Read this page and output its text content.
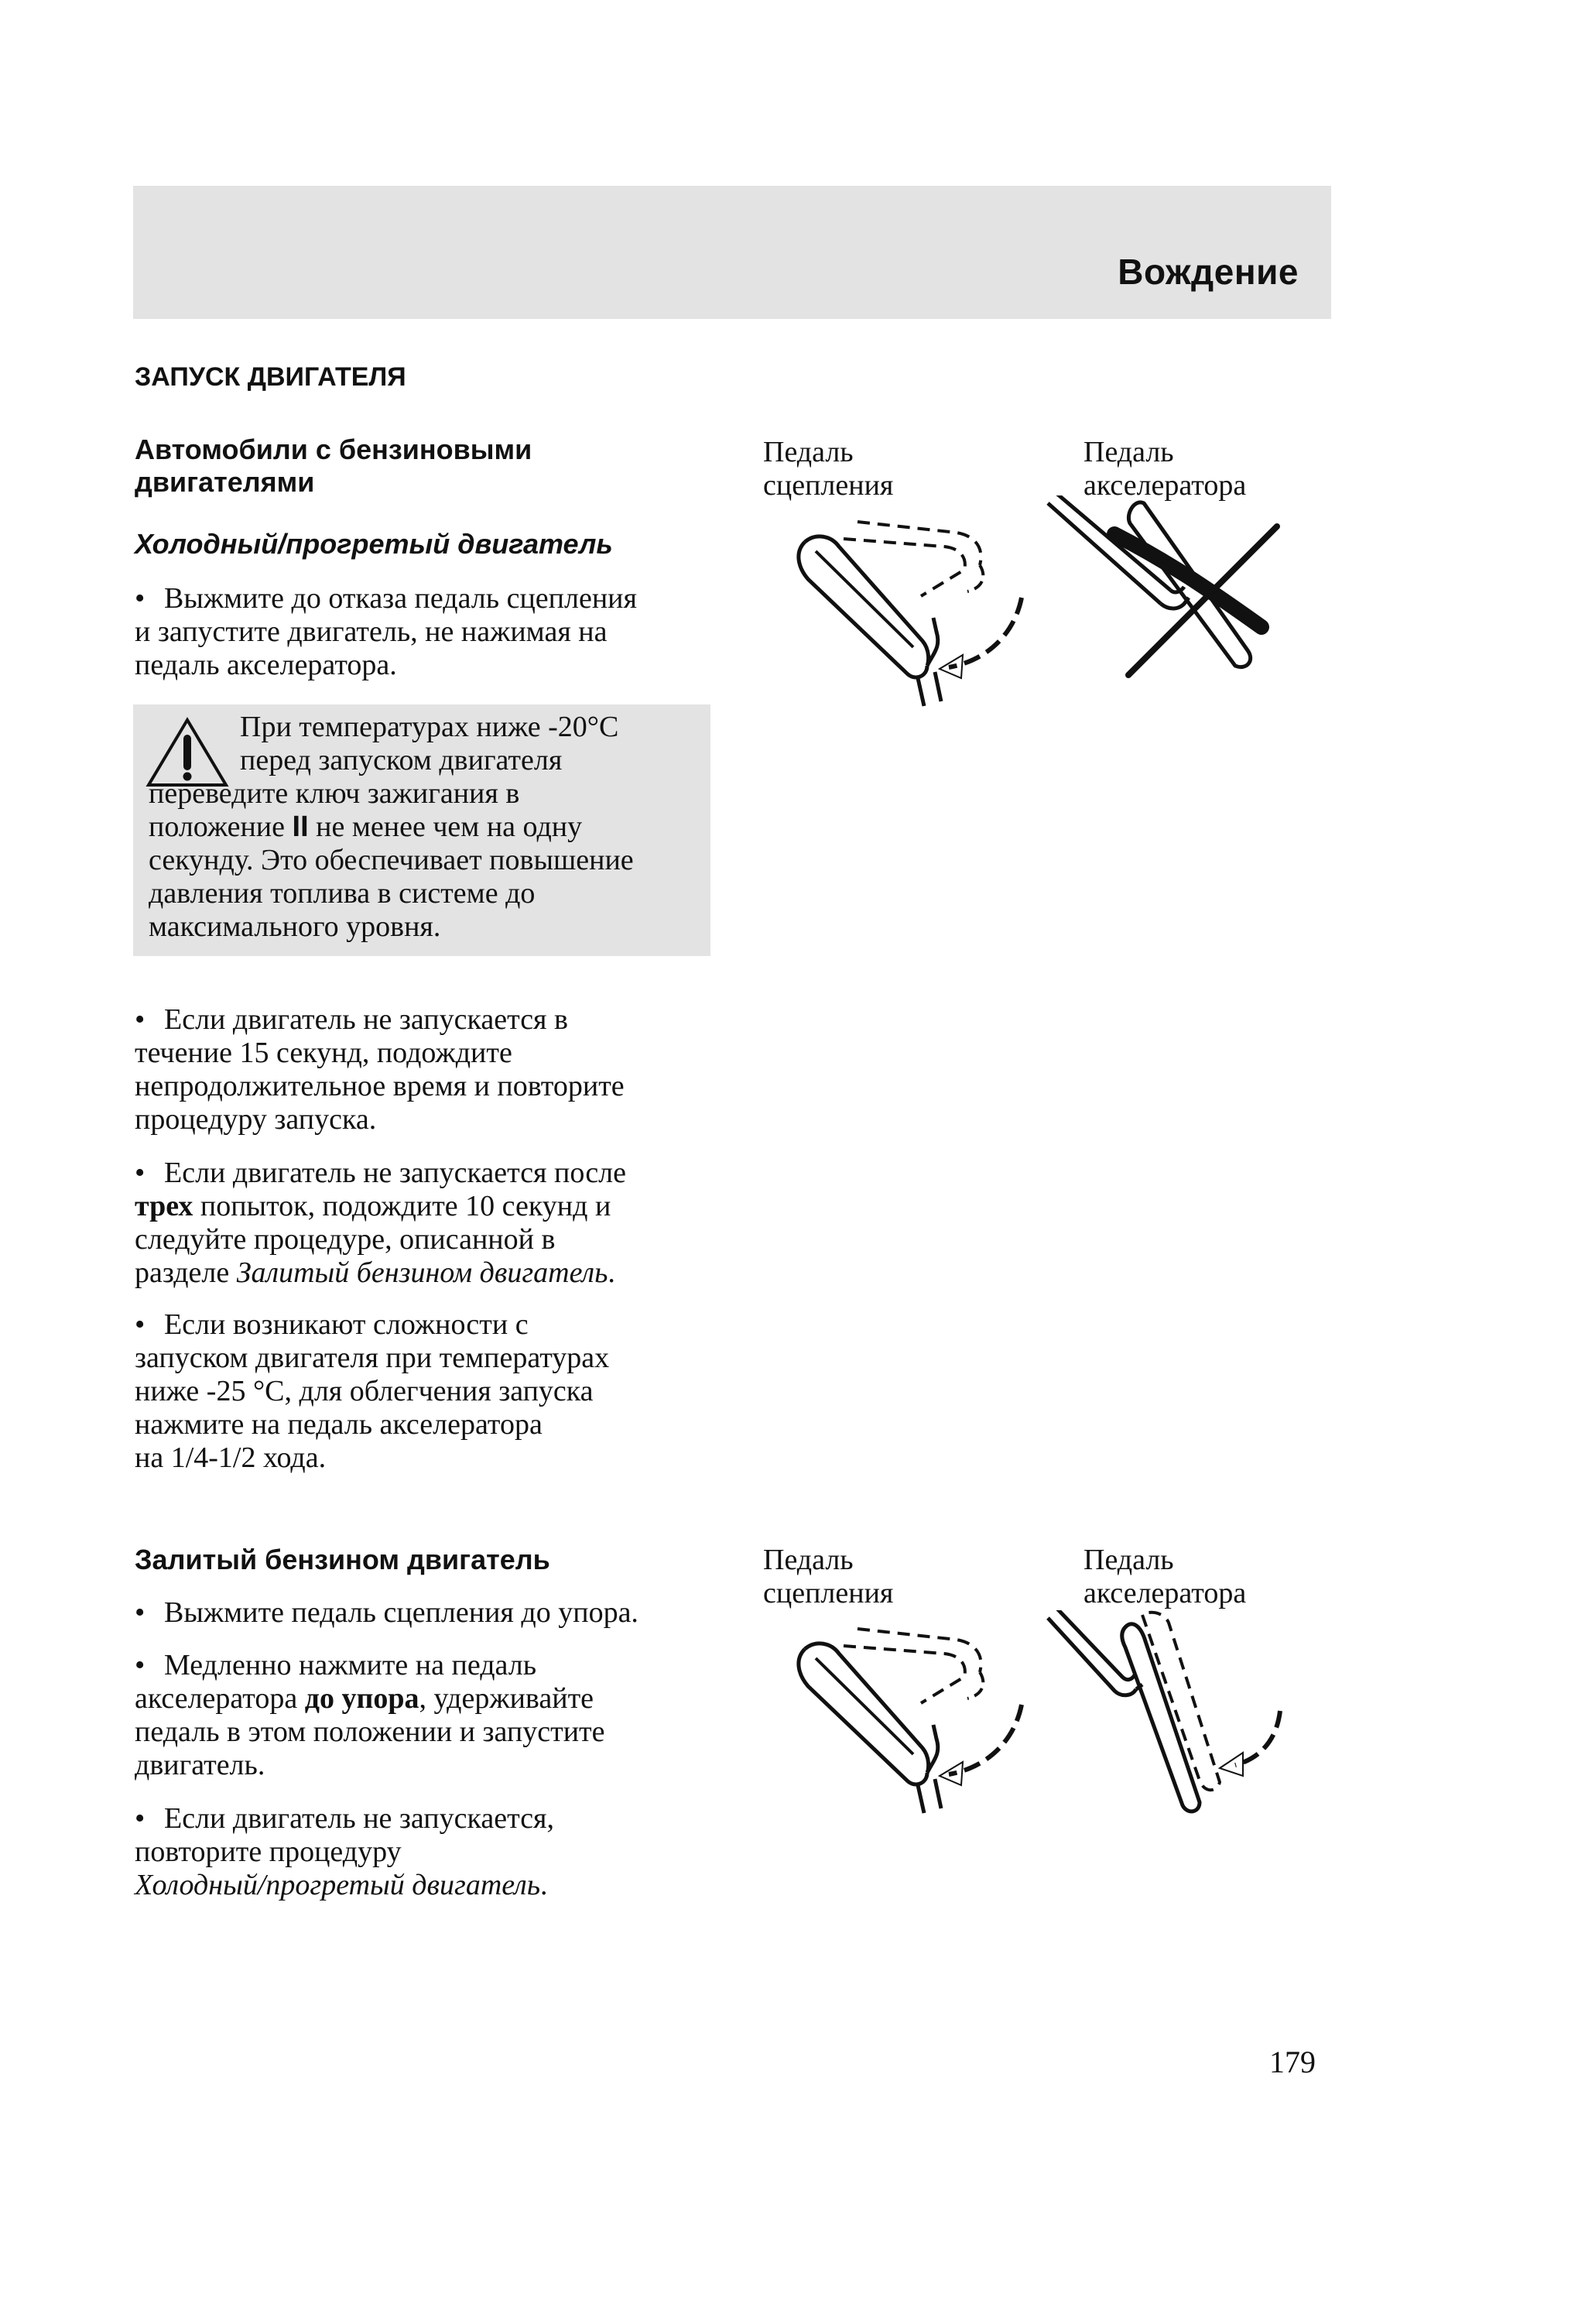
Вождение
ЗАПУСК ДВИГАТЕЛЯ
Автомобили с бензиновыми
двигателями
Холодный/прогретый двигатель
• Выжмите до отказа педаль сцепления
и запустите двигатель, не нажимая на
педаль акселератора.
При температурах ниже -20°C
перед запуском двигателя
переведите ключ зажигания в
положение II не менее чем на одну
секунду. Это обеспечивает повышение
давления топлива в системе до
максимального уровня.
• Если двигатель не запускается в
течение 15 секунд, подождите
непродолжительное время и повторите
процедуру запуска.
• Если двигатель не запускается после
трех попыток, подождите 10 секунд и
следуйте процедуре, описанной в
разделе Залитый бензином двигатель.
• Если возникают сложности с
запуском двигателя при температурах
ниже -25 °C, для облегчения запуска
нажмите на педаль акселератора
на 1/4-1/2 хода.
Залитый бензином двигатель
• Выжмите педаль сцепления до упора.
• Медленно нажмите на педаль
акселератора до упора, удерживайте
педаль в этом положении и запустите
двигатель.
• Если двигатель не запускается,
повторите процедуру
Холодный/прогретый двигатель.
Педаль
сцепления
Педаль
акселератора
Педаль
сцепления
Педаль
акселератора
179
